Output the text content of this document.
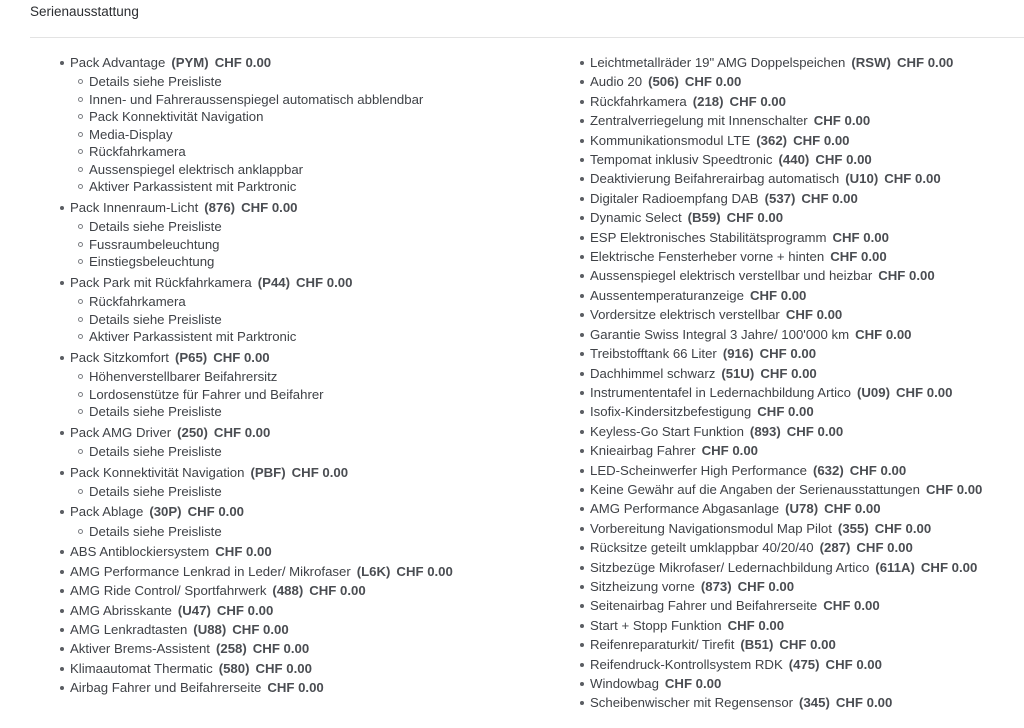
Serienausstattung
Pack Advantage (PYM) CHF 0.00
Details siehe Preisliste
Innen- und Fahreraussenspiegel automatisch abblendbar
Pack Konnektivität Navigation
Media-Display
Rückfahrkamera
Aussenspiegel elektrisch anklappbar
Aktiver Parkassistent mit Parktronic
Pack Innenraum-Licht (876) CHF 0.00
Details siehe Preisliste
Fussraumbeleuchtung
Einstiegsbeleuchtung
Pack Park mit Rückfahrkamera (P44) CHF 0.00
Rückfahrkamera
Details siehe Preisliste
Aktiver Parkassistent mit Parktronic
Pack Sitzkomfort (P65) CHF 0.00
Höhenverstellbarer Beifahrersitz
Lordosenstütze für Fahrer und Beifahrer
Details siehe Preisliste
Pack AMG Driver (250) CHF 0.00
Details siehe Preisliste
Pack Konnektivität Navigation (PBF) CHF 0.00
Details siehe Preisliste
Pack Ablage (30P) CHF 0.00
Details siehe Preisliste
ABS Antiblockiersystem CHF 0.00
AMG Performance Lenkrad in Leder/ Mikrofaser (L6K) CHF 0.00
AMG Ride Control/ Sportfahrwerk (488) CHF 0.00
AMG Abrisskante (U47) CHF 0.00
AMG Lenkradtasten (U88) CHF 0.00
Aktiver Brems-Assistent (258) CHF 0.00
Klimaautomat Thermatic (580) CHF 0.00
Airbag Fahrer und Beifahrerseite CHF 0.00
Leichtmetallräder 19" AMG Doppelspeichen (RSW) CHF 0.00
Audio 20 (506) CHF 0.00
Rückfahrkamera (218) CHF 0.00
Zentralverriegelung mit Innenschalter CHF 0.00
Kommunikationsmodul LTE (362) CHF 0.00
Tempomat inklusiv Speedtronic (440) CHF 0.00
Deaktivierung Beifahrerairbag automatisch (U10) CHF 0.00
Digitaler Radioempfang DAB (537) CHF 0.00
Dynamic Select (B59) CHF 0.00
ESP Elektronisches Stabilitätsprogramm CHF 0.00
Elektrische Fensterheber vorne + hinten CHF 0.00
Aussenspiegel elektrisch verstellbar und heizbar CHF 0.00
Aussentemperaturanzeige CHF 0.00
Vordersitze elektrisch verstellbar CHF 0.00
Garantie Swiss Integral 3 Jahre/ 100'000 km CHF 0.00
Treibstofftank 66 Liter (916) CHF 0.00
Dachhimmel schwarz (51U) CHF 0.00
Instrumententafel in Ledernachbildung Artico (U09) CHF 0.00
Isofix-Kindersitzbefestigung CHF 0.00
Keyless-Go Start Funktion (893) CHF 0.00
Knieairbag Fahrer CHF 0.00
LED-Scheinwerfer High Performance (632) CHF 0.00
Keine Gewähr auf die Angaben der Serienausstattungen CHF 0.00
AMG Performance Abgasanlage (U78) CHF 0.00
Vorbereitung Navigationsmodul Map Pilot (355) CHF 0.00
Rücksitze geteilt umklappbar 40/20/40 (287) CHF 0.00
Sitzbezüge Mikrofaser/ Ledernachbildung Artico (611A) CHF 0.00
Sitzheizung vorne (873) CHF 0.00
Seitenairbag Fahrer und Beifahrerseite CHF 0.00
Start + Stopp Funktion CHF 0.00
Reifenreparaturkit/ Tirefit (B51) CHF 0.00
Reifendruck-Kontrollsystem RDK (475) CHF 0.00
Windowbag CHF 0.00
Scheibenwischer mit Regensensor (345) CHF 0.00
